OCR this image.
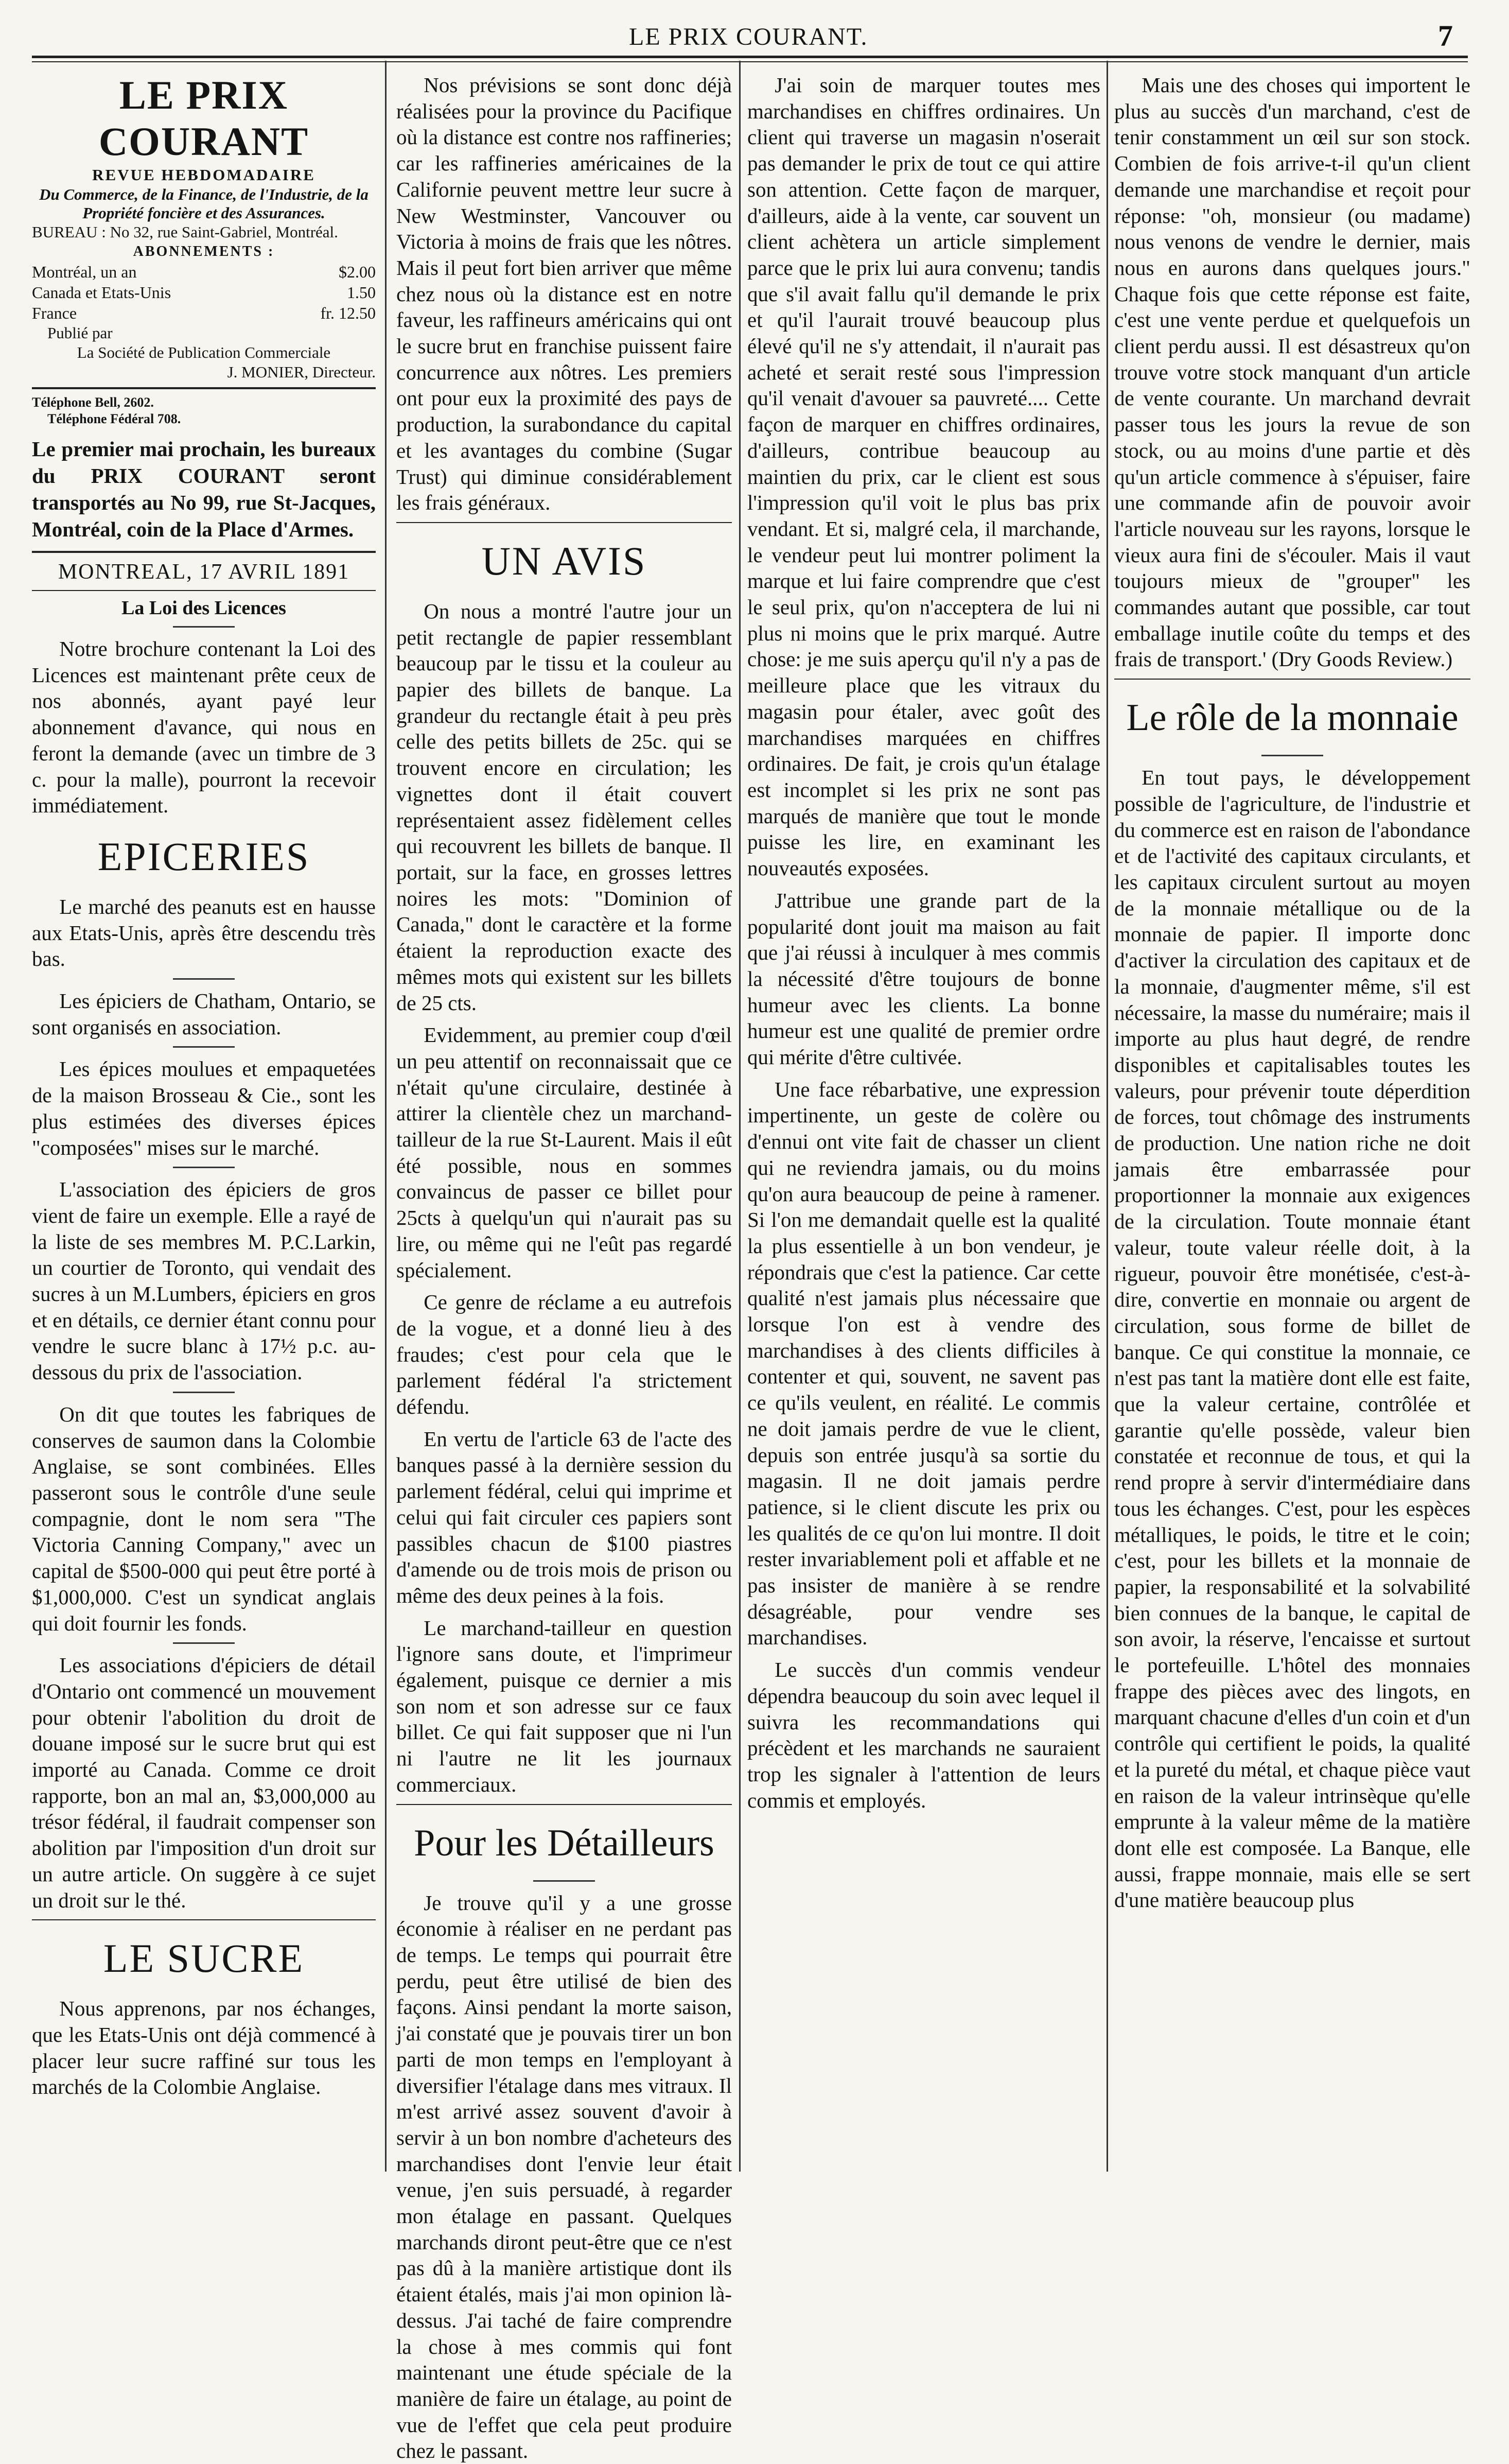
LE PRIX COURANT.	7
LE PRIX COURANT
REVUE HEBDOMADAIRE
Du Commerce, de la Finance, de l'Industrie, de la Propriété foncière et des Assurances.
BUREAU : No 32, rue Saint-Gabriel, Montréal.
ABONNEMENTS :
Montréal, un an	$2.00
Canada et Etats-Unis	1.50
France	fr. 12.50
Publié par
La Société de Publication Commerciale
J. MONIER, Directeur.
Téléphone Bell, 2602.
Téléphone Fédéral 708.
Le premier mai prochain, les bureaux du PRIX COURANT seront transportés au No 99, rue St-Jacques, Montréal, coin de la Place d'Armes.
MONTREAL, 17 AVRIL 1891
La Loi des Licences

Notre brochure contenant la Loi des Licences est maintenant prête ceux de nos abonnés, ayant payé leur abonnement d'avance, qui nous en feront la demande (avec un timbre de 3 c. pour la malle), pourront la recevoir immédiatement.

EPICERIES

Le marché des peanuts est en hausse aux Etats-Unis, après être descendu très bas.

Les épiciers de Chatham, Ontario, se sont organisés en association.

Les épices moulues et empaquetées de la maison Brosseau & Cie., sont les plus estimées des diverses épices "composées" mises sur le marché.

L'association des épiciers de gros vient de faire un exemple. Elle a rayé de la liste de ses membres M. P.C.Larkin, un courtier de Toronto, qui vendait des sucres à un M.Lumbers, épiciers en gros et en détails, ce dernier étant connu pour vendre le sucre blanc à 17½ p.c. au-dessous du prix de l'association.

On dit que toutes les fabriques de conserves de saumon dans la Colombie Anglaise, se sont combinées. Elles passeront sous le contrôle d'une seule compagnie, dont le nom sera "The Victoria Canning Company," avec un capital de $500-000 qui peut être porté à $1,000,000. C'est un syndicat anglais qui doit fournir les fonds.

Les associations d'épiciers de détail d'Ontario ont commencé un mouvement pour obtenir l'abolition du droit de douane imposé sur le sucre brut qui est importé au Canada. Comme ce droit rapporte, bon an mal an, $3,000,000 au trésor fédéral, il faudrait compenser son abolition par l'imposition d'un droit sur un autre article. On suggère à ce sujet un droit sur le thé.

LE SUCRE

Nous apprenons, par nos échanges, que les Etats-Unis ont déjà commencé à placer leur sucre raffiné sur tous les marchés de la Colombie Anglaise.

Nos prévisions se sont donc déjà réalisées pour la province du Pacifique où la distance est contre nos raffineries; car les raffineries américaines de la Californie peuvent mettre leur sucre à New Westminster, Vancouver ou Victoria à moins de frais que les nôtres. Mais il peut fort bien arriver que même chez nous où la distance est en notre faveur, les raffineurs américains qui ont le sucre brut en franchise puissent faire concurrence aux nôtres. Les premiers ont pour eux la proximité des pays de production, la surabondance du capital et les avantages du combine (Sugar Trust) qui diminue considérablement les frais généraux.

UN AVIS

On nous a montré l'autre jour un petit rectangle de papier ressemblant beaucoup par le tissu et la couleur au papier des billets de banque. La grandeur du rectangle était à peu près celle des petits billets de 25c. qui se trouvent encore en circulation; les vignettes dont il était couvert représentaient assez fidèlement celles qui recouvrent les billets de banque. Il portait, sur la face, en grosses lettres noires les mots: "Dominion of Canada," dont le caractère et la forme étaient la reproduction exacte des mêmes mots qui existent sur les billets de 25 cts.

Evidemment, au premier coup d'œil un peu attentif on reconnaissait que ce n'était qu'une circulaire, destinée à attirer la clientèle chez un marchand-tailleur de la rue St-Laurent. Mais il eût été possible, nous en sommes convaincus de passer ce billet pour 25cts à quelqu'un qui n'aurait pas su lire, ou même qui ne l'eût pas regardé spécialement.

Ce genre de réclame a eu autrefois de la vogue, et a donné lieu à des fraudes; c'est pour cela que le parlement fédéral l'a strictement défendu.

En vertu de l'article 63 de l'acte des banques passé à la dernière session du parlement fédéral, celui qui imprime et celui qui fait circuler ces papiers sont passibles chacun de $100 piastres d'amende ou de trois mois de prison ou même des deux peines à la fois.

Le marchand-tailleur en question l'ignore sans doute, et l'imprimeur également, puisque ce dernier a mis son nom et son adresse sur ce faux billet. Ce qui fait supposer que ni l'un ni l'autre ne lit les journaux commerciaux.

Pour les Détailleurs

Je trouve qu'il y a une grosse économie à réaliser en ne perdant pas de temps. Le temps qui pourrait être perdu, peut être utilisé de bien des façons. Ainsi pendant la morte saison, j'ai constaté que je pouvais tirer un bon parti de mon temps en l'employant à diversifier l'étalage dans mes vitraux. Il m'est arrivé assez souvent d'avoir à servir à un bon nombre d'acheteurs des marchandises dont l'envie leur était venue, j'en suis persuadé, à regarder mon étalage en passant. Quelques marchands diront peut-être que ce n'est pas dû à la manière artistique dont ils étaient étalés, mais j'ai mon opinion là-dessus. J'ai taché de faire comprendre la chose à mes commis qui font maintenant une étude spéciale de la manière de faire un étalage, au point de vue de l'effet que cela peut produire chez le passant.

J'ai soin de marquer toutes mes marchandises en chiffres ordinaires. Un client qui traverse un magasin n'oserait pas demander le prix de tout ce qui attire son attention. Cette façon de marquer, d'ailleurs, aide à la vente, car souvent un client achètera un article simplement parce que le prix lui aura convenu; tandis que s'il avait fallu qu'il demande le prix et qu'il l'aurait trouvé beaucoup plus élevé qu'il ne s'y attendait, il n'aurait pas acheté et serait resté sous l'impression qu'il venait d'avouer sa pauvreté.... Cette façon de marquer en chiffres ordinaires, d'ailleurs, contribue beaucoup au maintien du prix, car le client est sous l'impression qu'il voit le plus bas prix vendant. Et si, malgré cela, il marchande, le vendeur peut lui montrer poliment la marque et lui faire comprendre que c'est le seul prix, qu'on n'acceptera de lui ni plus ni moins que le prix marqué. Autre chose: je me suis aperçu qu'il n'y a pas de meilleure place que les vitraux du magasin pour étaler, avec goût des marchandises marquées en chiffres ordinaires. De fait, je crois qu'un étalage est incomplet si les prix ne sont pas marqués de manière que tout le monde puisse les lire, en examinant les nouveautés exposées.

J'attribue une grande part de la popularité dont jouit ma maison au fait que j'ai réussi à inculquer à mes commis la nécessité d'être toujours de bonne humeur avec les clients. La bonne humeur est une qualité de premier ordre qui mérite d'être cultivée.

Une face rébarbative, une expression impertinente, un geste de colère ou d'ennui ont vite fait de chasser un client qui ne reviendra jamais, ou du moins qu'on aura beaucoup de peine à ramener. Si l'on me demandait quelle est la qualité la plus essentielle à un bon vendeur, je répondrais que c'est la patience. Car cette qualité n'est jamais plus nécessaire que lorsque l'on est à vendre des marchandises à des clients difficiles à contenter et qui, souvent, ne savent pas ce qu'ils veulent, en réalité. Le commis ne doit jamais perdre de vue le client, depuis son entrée jusqu'à sa sortie du magasin. Il ne doit jamais perdre patience, si le client discute les prix ou les qualités de ce qu'on lui montre. Il doit rester invariablement poli et affable et ne pas insister de manière à se rendre désagréable, pour vendre ses marchandises.

Le succès d'un commis vendeur dépendra beaucoup du soin avec lequel il suivra les recommandations qui précèdent et les marchands ne sauraient trop les signaler à l'attention de leurs commis et employés.

Mais une des choses qui importent le plus au succès d'un marchand, c'est de tenir constamment un œil sur son stock. Combien de fois arrive-t-il qu'un client demande une marchandise et reçoit pour réponse: "oh, monsieur (ou madame) nous venons de vendre le dernier, mais nous en aurons dans quelques jours." Chaque fois que cette réponse est faite, c'est une vente perdue et quelquefois un client perdu aussi. Il est désastreux qu'on trouve votre stock manquant d'un article de vente courante. Un marchand devrait passer tous les jours la revue de son stock, ou au moins d'une partie et dès qu'un article commence à s'épuiser, faire une commande afin de pouvoir avoir l'article nouveau sur les rayons, lorsque le vieux aura fini de s'écouler. Mais il vaut toujours mieux de "grouper" les commandes autant que possible, car tout emballage inutile coûte du temps et des frais de transport.' (Dry Goods Review.)

Le rôle de la monnaie

En tout pays, le développement possible de l'agriculture, de l'industrie et du commerce est en raison de l'abondance et de l'activité des capitaux circulants, et les capitaux circulent surtout au moyen de la monnaie métallique ou de la monnaie de papier. Il importe donc d'activer la circulation des capitaux et de la monnaie, d'augmenter même, s'il est nécessaire, la masse du numéraire; mais il importe au plus haut degré, de rendre disponibles et capitalisables toutes les valeurs, pour prévenir toute déperdition de forces, tout chômage des instruments de production. Une nation riche ne doit jamais être embarrassée pour proportionner la monnaie aux exigences de la circulation. Toute monnaie étant valeur, toute valeur réelle doit, à la rigueur, pouvoir être monétisée, c'est-à-dire, convertie en monnaie ou argent de circulation, sous forme de billet de banque. Ce qui constitue la monnaie, ce n'est pas tant la matière dont elle est faite, que la valeur certaine, contrôlée et garantie qu'elle possède, valeur bien constatée et reconnue de tous, et qui la rend propre à servir d'intermédiaire dans tous les échanges. C'est, pour les espèces métalliques, le poids, le titre et le coin; c'est, pour les billets et la monnaie de papier, la responsabilité et la solvabilité bien connues de la banque, le capital de son avoir, la réserve, l'encaisse et surtout le portefeuille. L'hôtel des monnaies frappe des pièces avec des lingots, en marquant chacune d'elles d'un coin et d'un contrôle qui certifient le poids, la qualité et la pureté du métal, et chaque pièce vaut en raison de la valeur intrinsèque qu'elle emprunte à la valeur même de la matière dont elle est composée. La Banque, elle aussi, frappe monnaie, mais elle se sert d'une matière beaucoup plus
